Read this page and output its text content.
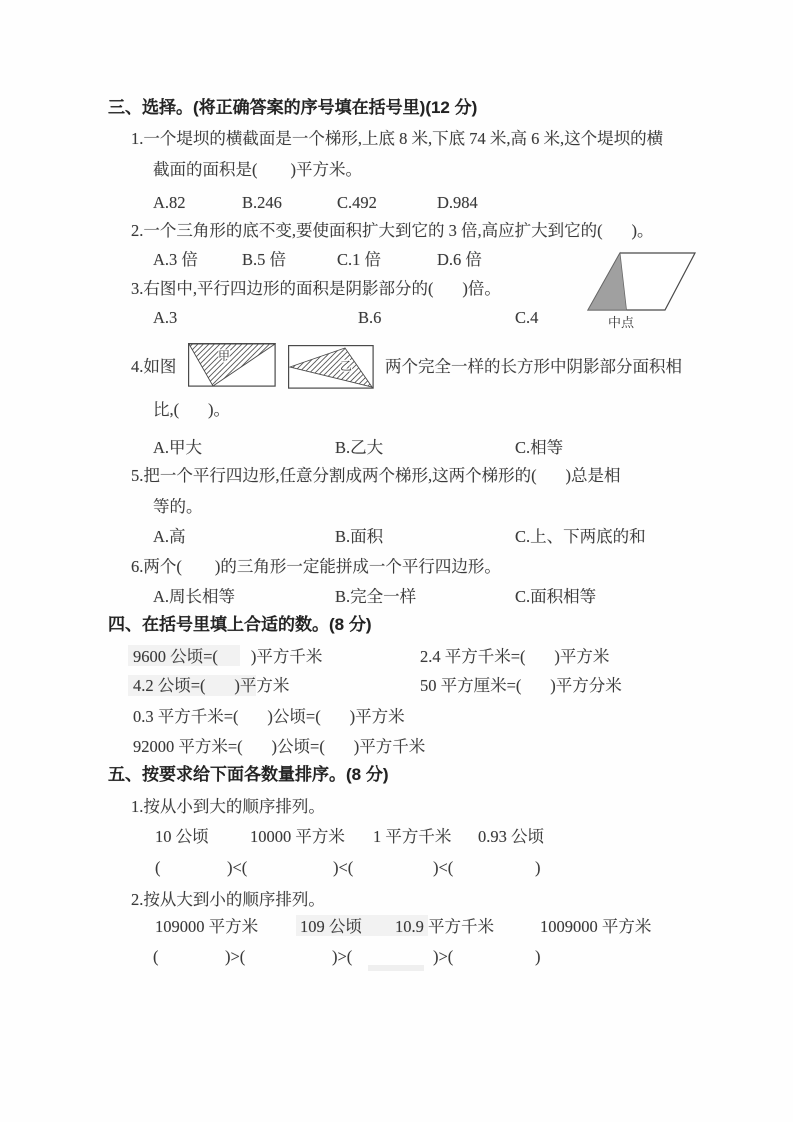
三、选择。(将正确答案的序号填在括号里)(12 分)
1.一个堤坝的横截面是一个梯形,上底 8 米,下底 74 米,高 6 米,这个堤坝的横
截面的面积是(        )平方米。
A.82	B.246	C.492	D.984
2.一个三角形的底不变,要使面积扩大到它的 3 倍,高应扩大到它的(       )。
A.3 倍	B.5 倍	C.1 倍	D.6 倍
3.右图中,平行四边形的面积是阴影部分的(       )倍。
A.3	B.6	C.4	中点
4.如图
甲
乙 两个完全一样的长方形中阴影部分面积相
比,(       )。
A.甲大	B.乙大	C.相等
5.把一个平行四边形,任意分割成两个梯形,这两个梯形的(       )总是相
等的。
A.高	B.面积	C.上、下两底的和
6.两个(        )的三角形一定能拼成一个平行四边形。
A.周长相等	B.完全一样	C.面积相等
四、在括号里填上合适的数。(8 分)
9600 公顷=(        )平方千米	2.4 平方千米=(       )平方米
4.2 公顷=(       )平方米	50 平方厘米=(       )平方分米
0.3 平方千米=(       )公顷=(       )平方米
92000 平方米=(       )公顷=(       )平方千米
五、按要求给下面各数量排序。(8 分)
1.按从小到大的顺序排列。
10 公顷	10000 平方米 1 平方千米 0.93 公顷
(	)<(	)<(	)<(	)
2.按从大到小的顺序排列。
109000 平方米	109 公顷 10.9 平方千米	1009000 平方米
(	)>(	)>(	)>(	)
